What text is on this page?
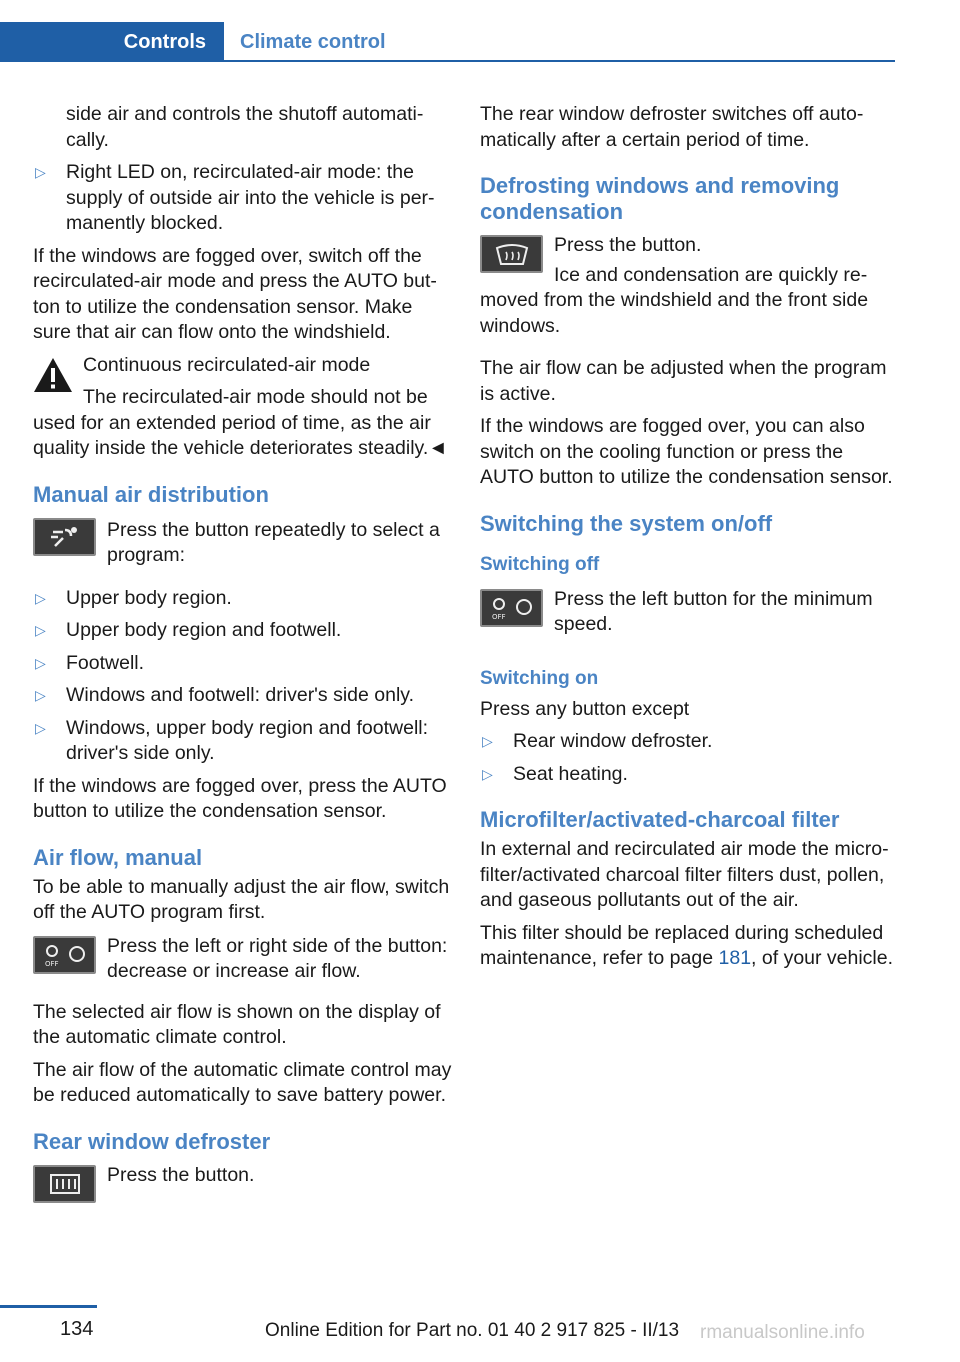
Controls	Climate control
side air and controls the shutoff automati-cally.
▷ Right LED on, recirculated-air mode: the supply of outside air into the vehicle is per-manently blocked.

If the windows are fogged over, switch off the recirculated-air mode and press the AUTO but-ton to utilize the condensation sensor. Make sure that air can flow onto the windshield.

Continuous recirculated-air mode

The recirculated-air mode should not be used for an extended period of time, as the air quality inside the vehicle deteriorates steadily.◄

Manual air distribution

Press the button repeatedly to select a program:

▷ Upper body region.
▷ Upper body region and footwell.
▷ Footwell.
▷ Windows and footwell: driver's side only.
▷ Windows, upper body region and footwell: driver's side only.

If the windows are fogged over, press the AUTO button to utilize the condensation sensor.

Air flow, manual

To be able to manually adjust the air flow, switch off the AUTO program first.

OFF

Press the left or right side of the button: decrease or increase air flow.

The selected air flow is shown on the display of the automatic climate control.

The air flow of the automatic climate control may be reduced automatically to save battery power.

Rear window defroster

Press the button.

The rear window defroster switches off auto-matically after a certain period of time.

Defrosting windows and removing condensation

Press the button.

Ice and condensation are quickly re-moved from the windshield and the front side windows.

The air flow can be adjusted when the program is active.

If the windows are fogged over, you can also switch on the cooling function or press the AUTO button to utilize the condensation sensor.

Switching the system on/off
Switching off
OFF

Press the left button for the minimum speed.

Switching on

Press any button except

▷ Rear window defroster.
▷ Seat heating.
Microfilter/activated-charcoal filter

In external and recirculated air mode the micro-filter/activated charcoal filter filters dust, pollen, and gaseous pollutants out of the air.

This filter should be replaced during scheduled maintenance, refer to page 181, of your vehicle.

134	Online Edition for Part no. 01 40 2 917 825 - II/13 rmanualsonline.info
